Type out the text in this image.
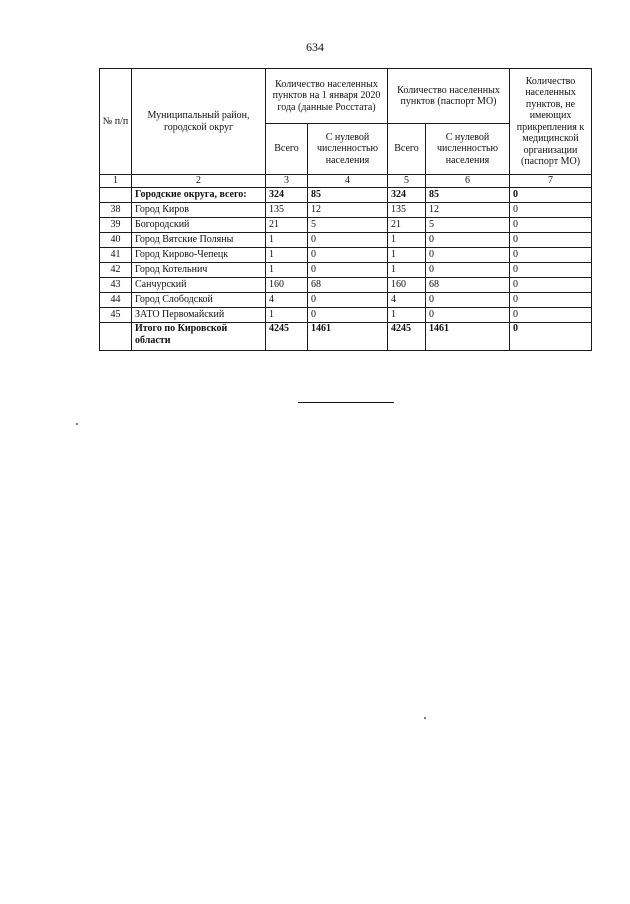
634
№ п/п	Муниципальный район, городской округ	Количество населенных пунктов на 1 января 2020 года (данные Росстата)		Количество населенных пунктов (паспорт МО)		Количество населенных пунктов, не имеющих прикрепления к медицинской организации (паспорт МО)
		Всего	С нулевой численностью населения	Всего	С нулевой численностью населения	
1	2	3	4	5	6	7
	Городские округа, всего:	324	85	324	85	0
38	Город Киров	135	12	135	12	0
39	Богородский	21	5	21	5	0
40	Город Вятские Поляны	1	0	1	0	0
41	Город Кирово-Чепецк	1	0	1	0	0
42	Город Котельнич	1	0	1	0	0
43	Санчурский	160	68	160	68	0
44	Город Слободской	4	0	4	0	0
45	ЗАТО Первомайский	1	0	1	0	0
	Итого по Кировской области	4245	1461	4245	1461	0
